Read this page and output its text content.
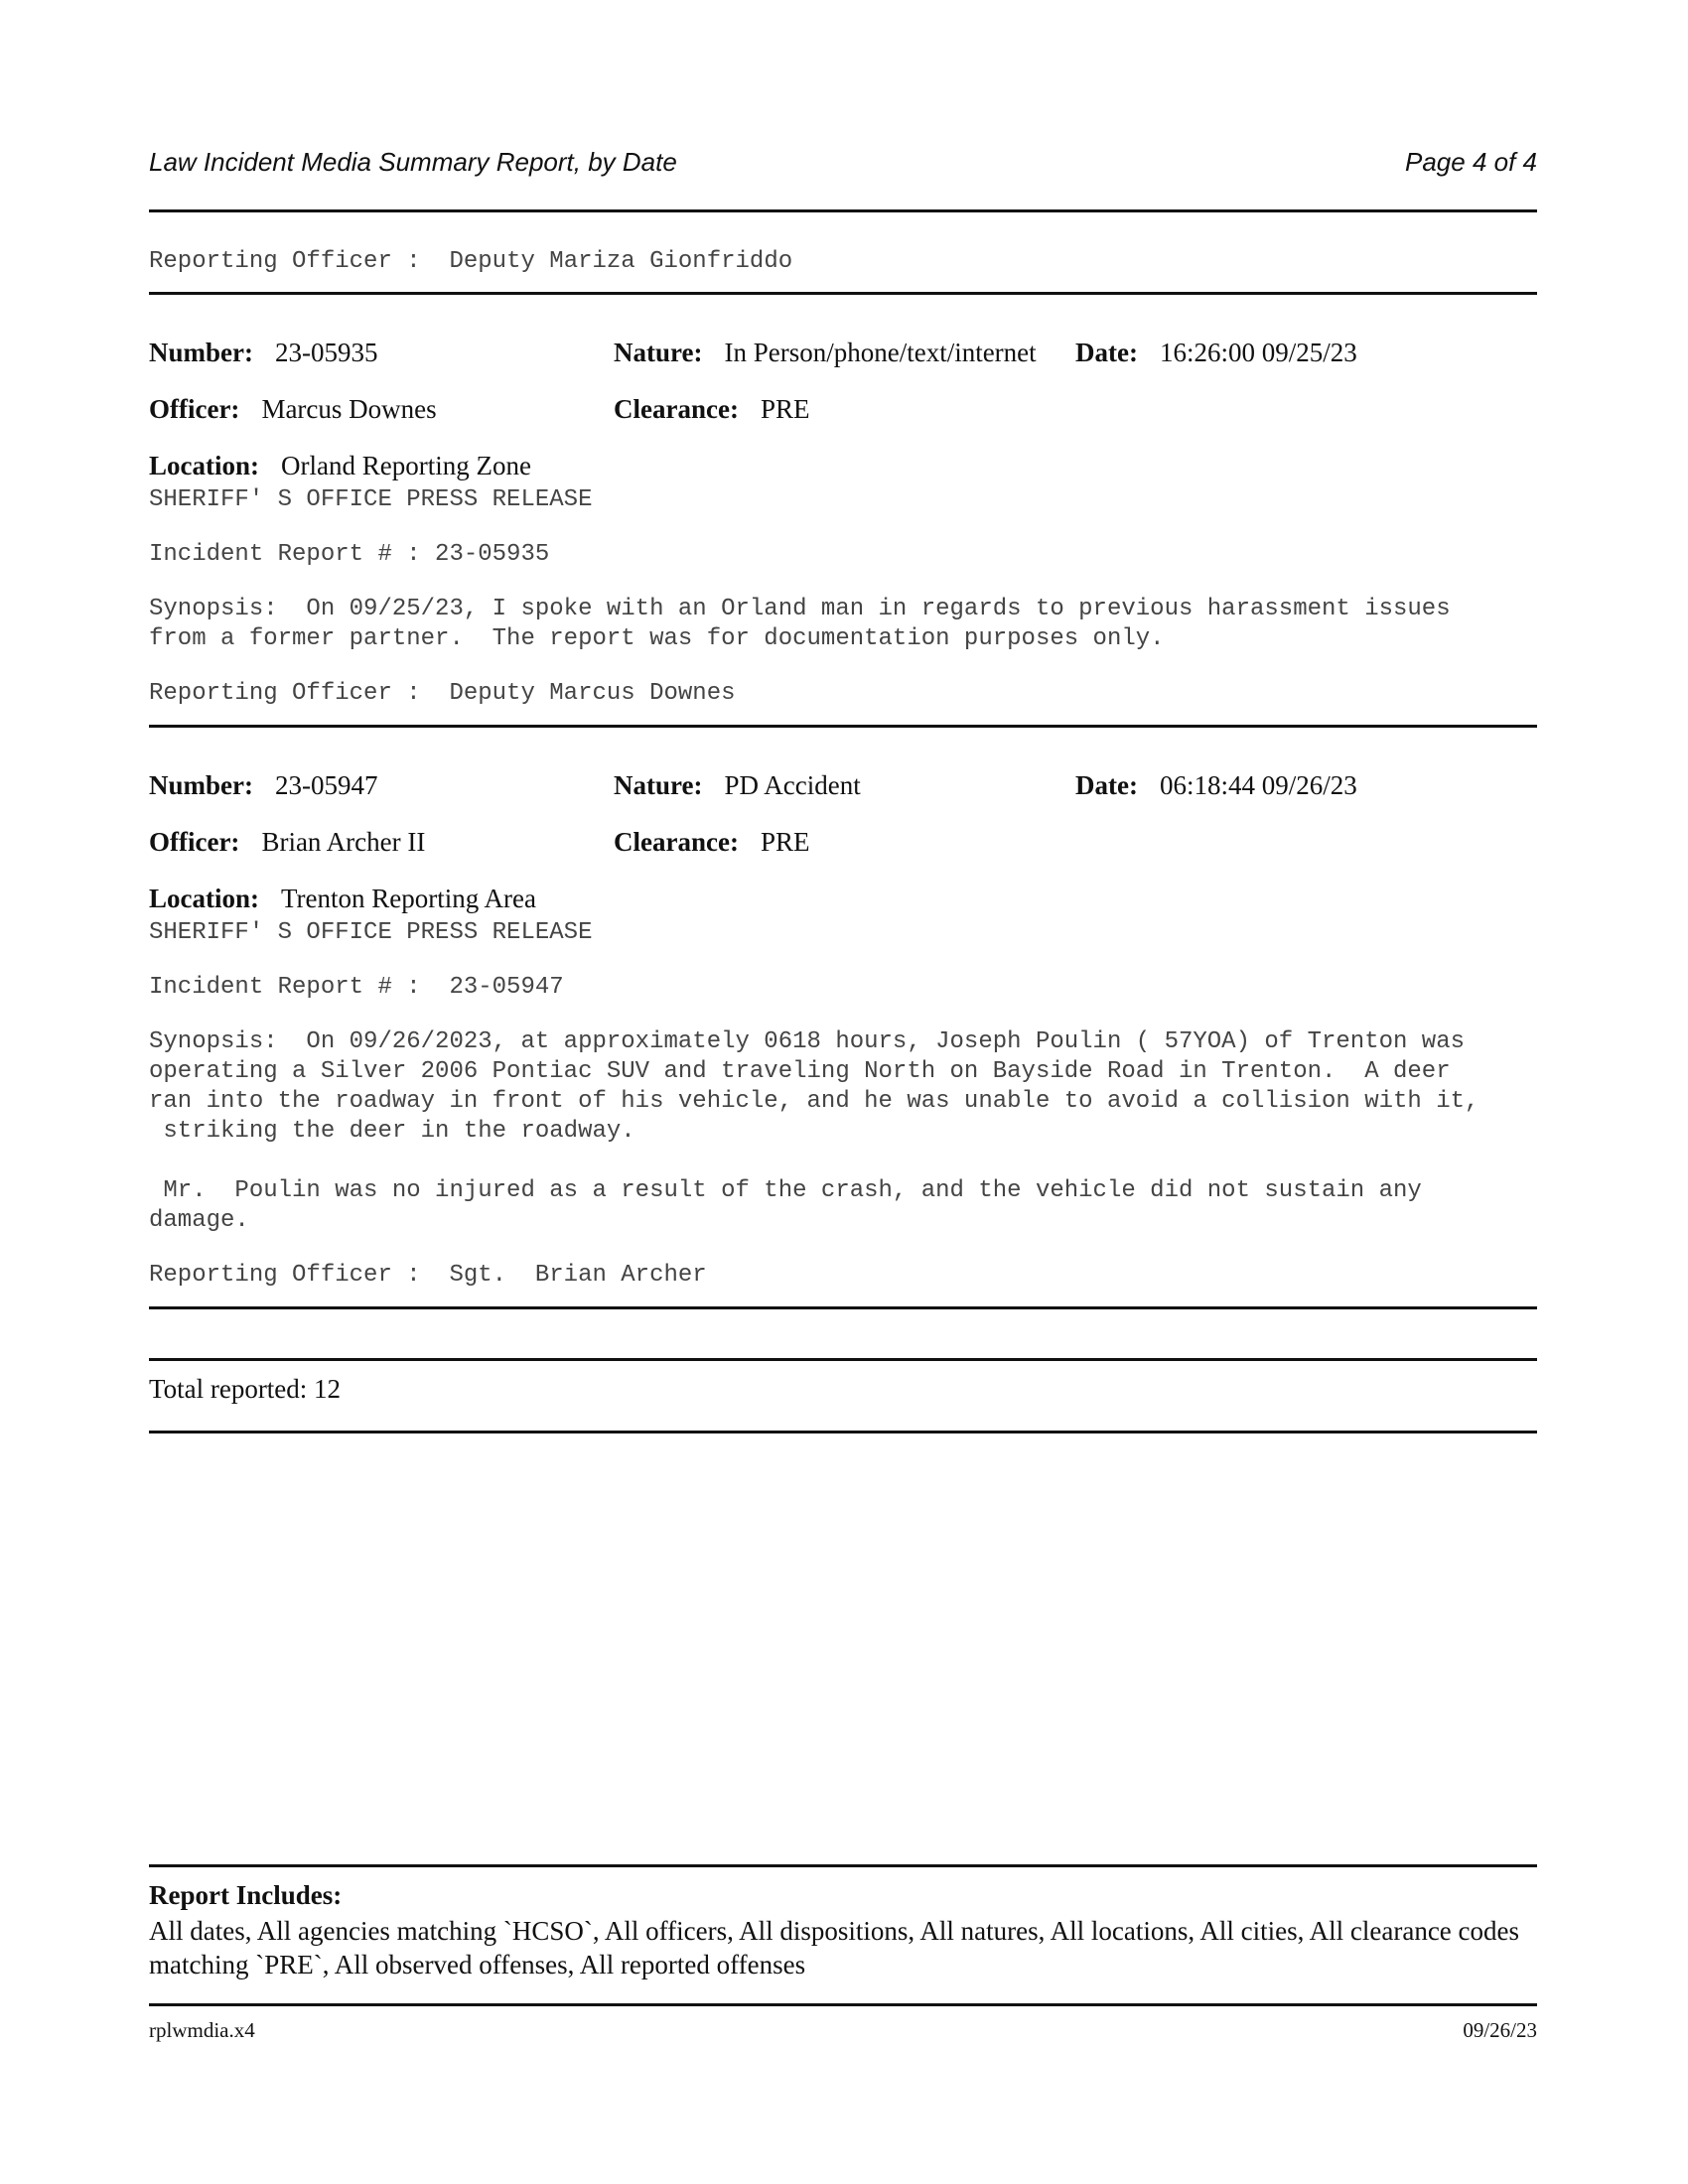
Law Incident Media Summary Report, by Date	Page 4 of 4
Reporting Officer : Deputy Mariza Gionfriddo
Number: 23-05935	Nature: In Person/phone/text/internet Date: 16:26:00 09/25/23
Officer: Marcus Downes	Clearance: PRE
Location: Orland Reporting Zone
SHERIFF' S OFFICE PRESS RELEASE
Incident Report # : 23-05935
Synopsis:  On 09/25/23, I spoke with an Orland man in regards to previous harassment issues
from a former partner.  The report was for documentation purposes only.
Reporting Officer :  Deputy Marcus Downes
Number: 23-05947	Nature: PD Accident	Date: 06:18:44 09/26/23
Officer: Brian Archer II	Clearance: PRE
Location: Trenton Reporting Area
SHERIFF' S OFFICE PRESS RELEASE
Incident Report # :  23-05947
Synopsis:  On 09/26/2023, at approximately 0618 hours, Joseph Poulin ( 57YOA) of Trenton was
operating a Silver 2006 Pontiac SUV and traveling North on Bayside Road in Trenton.  A deer
ran into the roadway in front of his vehicle, and he was unable to avoid a collision with it,
striking the deer in the roadway.
Mr.  Poulin was no injured as a result of the crash, and the vehicle did not sustain any
damage.
Reporting Officer :  Sgt.  Brian Archer
Total reported: 12
Report Includes:
All dates, All agencies matching `HCSO`, All officers, All dispositions, All natures, All locations, All cities, All clearance codes matching `PRE`, All observed offenses, All reported offenses
rplwmdia.x4	09/26/23
